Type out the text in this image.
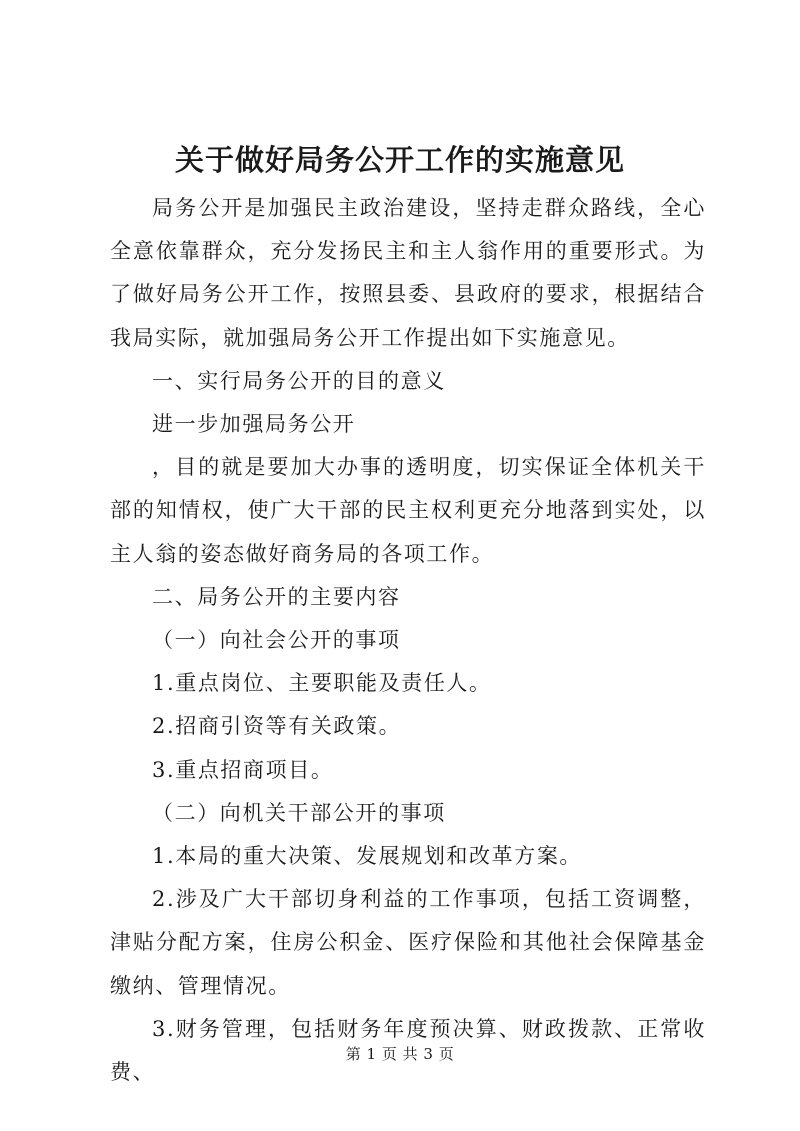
关于做好局务公开工作的实施意见

局务公开是加强民主政治建设，坚持走群众路线，全心全意依靠群众，充分发扬民主和主人翁作用的重要形式。为了做好局务公开工作，按照县委、县政府的要求，根据结合我局实际，就加强局务公开工作提出如下实施意见。

一、实行局务公开的目的意义

进一步加强局务公开

，目的就是要加大办事的透明度，切实保证全体机关干部的知情权，使广大干部的民主权利更充分地落到实处，以主人翁的姿态做好商务局的各项工作。

二、局务公开的主要内容

（一）向社会公开的事项

1.重点岗位、主要职能及责任人。

2.招商引资等有关政策。

3.重点招商项目。

（二）向机关干部公开的事项

1.本局的重大决策、发展规划和改革方案。

2.涉及广大干部切身利益的工作事项，包括工资调整，津贴分配方案，住房公积金、医疗保险和其他社会保障基金缴纳、管理情况。

3.财务管理，包括财务年度预决算、财政拨款、正常收费、

第 1 页 共 3 页
